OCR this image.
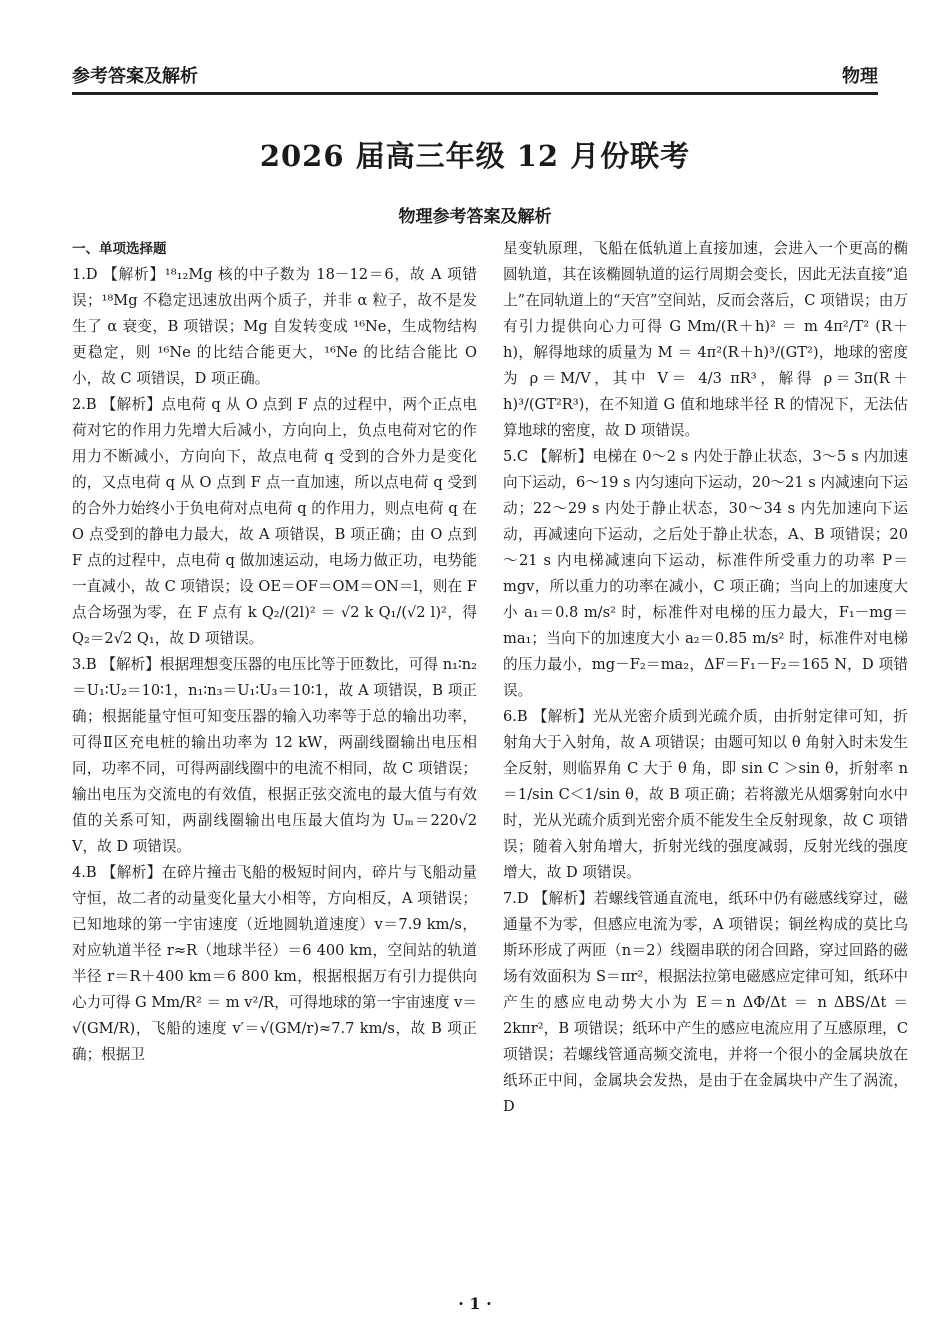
参考答案及解析	物理
2026 届高三年级 12 月份联考
物理参考答案及解析
一、单项选择题

1.D 【解析】¹⁸₁₂Mg 核的中子数为 18－12＝6，故 A 项错误；¹⁸Mg 不稳定迅速放出两个质子，并非 α 粒子，故不是发生了 α 衰变，B 项错误；Mg 自发转变成 ¹⁶Ne，生成物结构更稳定，则 ¹⁶Ne 的比结合能更大，¹⁶Ne 的比结合能比 O 小，故 C 项错误，D 项正确。

2.B 【解析】点电荷 q 从 O 点到 F 点的过程中，两个正点电荷对它的作用力先增大后减小，方向向上，负点电荷对它的作用力不断减小，方向向下，故点电荷 q 受到的合外力是变化的，又点电荷 q 从 O 点到 F 点一直加速，所以点电荷 q 受到的合外力始终小于负电荷对点电荷 q 的作用力，则点电荷 q 在 O 点受到的静电力最大，故 A 项错误，B 项正确；由 O 点到 F 点的过程中，点电荷 q 做加速运动，电场力做正功，电势能一直减小，故 C 项错误；设 OE＝OF＝OM＝ON＝l，则在 F 点合场强为零，在 F 点有 k Q₂/(2l)² ＝ √2 k Q₁/(√2 l)²，得 Q₂＝2√2 Q₁，故 D 项错误。

3.B 【解析】根据理想变压器的电压比等于匝数比，可得 n₁∶n₂＝U₁∶U₂＝10∶1，n₁∶n₃＝U₁∶U₃＝10∶1，故 A 项错误，B 项正确；根据能量守恒可知变压器的输入功率等于总的输出功率，可得Ⅱ区充电桩的输出功率为 12 kW，两副线圈输出电压相同，功率不同，可得两副线圈中的电流不相同，故 C 项错误；输出电压为交流电的有效值，根据正弦交流电的最大值与有效值的关系可知，两副线圈输出电压最大值均为 Uₘ＝220√2 V，故 D 项错误。

4.B 【解析】在碎片撞击飞船的极短时间内，碎片与飞船动量守恒，故二者的动量变化量大小相等，方向相反，A 项错误；已知地球的第一宇宙速度（近地圆轨道速度）v＝7.9 km/s，对应轨道半径 r≈R（地球半径）＝6 400 km，空间站的轨道半径 r＝R＋400 km＝6 800 km，根据根据万有引力提供向心力可得 G Mm/R² ＝ m v²/R，可得地球的第一宇宙速度 v＝√(GM/R)，飞船的速度 v′＝√(GM/r)≈7.7 km/s，故 B 项正确；根据卫

星变轨原理，飞船在低轨道上直接加速，会进入一个更高的椭圆轨道，其在该椭圆轨道的运行周期会变长，因此无法直接“追上”在同轨道上的“天宫”空间站，反而会落后，C 项错误；由万有引力提供向心力可得 G Mm/(R＋h)² ＝ m 4π²/T² (R＋h)，解得地球的质量为 M ＝ 4π²(R＋h)³/(GT²)，地球的密度为 ρ＝M/V，其中 V＝ 4/3 πR³，解得 ρ＝3π(R＋h)³/(GT²R³)，在不知道 G 值和地球半径 R 的情况下，无法估算地球的密度，故 D 项错误。

5.C 【解析】电梯在 0～2 s 内处于静止状态，3～5 s 内加速向下运动，6～19 s 内匀速向下运动，20～21 s 内减速向下运动；22～29 s 内处于静止状态，30～34 s 内先加速向下运动，再减速向下运动，之后处于静止状态，A、B 项错误；20～21 s 内电梯减速向下运动，标准件所受重力的功率 P＝mgv，所以重力的功率在减小，C 项正确；当向上的加速度大小 a₁＝0.8 m/s² 时，标准件对电梯的压力最大，F₁－mg＝ma₁；当向下的加速度大小 a₂＝0.85 m/s² 时，标准件对电梯的压力最小，mg－F₂＝ma₂，ΔF＝F₁－F₂＝165 N，D 项错误。

6.B 【解析】光从光密介质到光疏介质，由折射定律可知，折射角大于入射角，故 A 项错误；由题可知以 θ 角射入时未发生全反射，则临界角 C 大于 θ 角，即 sin C ＞sin θ，折射率 n＝1/sin C＜1/sin θ，故 B 项正确；若将激光从烟雾射向水中时，光从光疏介质到光密介质不能发生全反射现象，故 C 项错误；随着入射角增大，折射光线的强度减弱，反射光线的强度增大，故 D 项错误。

7.D 【解析】若螺线管通直流电，纸环中仍有磁感线穿过，磁通量不为零，但感应电流为零，A 项错误；铜丝构成的莫比乌斯环形成了两匝（n＝2）线圈串联的闭合回路，穿过回路的磁场有效面积为 S＝πr²，根据法拉第电磁感应定律可知，纸环中产生的感应电动势大小为 E＝n ΔΦ/Δt ＝ n ΔBS/Δt ＝ 2kπr²，B 项错误；纸环中产生的感应电流应用了互感原理，C 项错误；若螺线管通高频交流电，并将一个很小的金属块放在纸环正中间，金属块会发热，是由于在金属块中产生了涡流，D

· 1 ·
